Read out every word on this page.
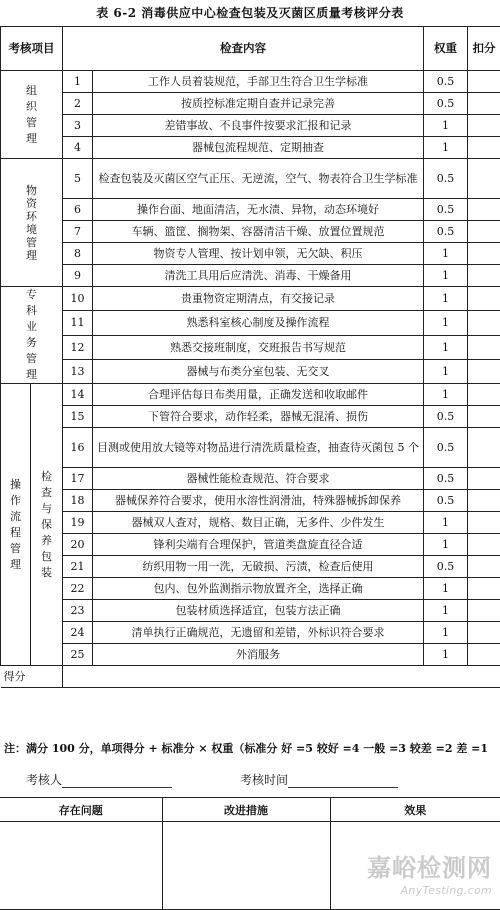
表 6-2 消毒供应中心检查包装及灭菌区质量考核评分表
考核项目		检查内容		权重	扣分
组织管理		1	工作人员着装规范，手部卫生符合卫生学标准	0.5	
		2	按质控标准定期自查并记录完善	0.5	
		3	差错事故、不良事件按要求汇报和记录	1	
		4	器械包流程规范、定期抽查	1	
物资环境管理		5	检查包装及灭菌区空气正压、无逆流，空气、物表符合卫生学标准	0.5	
		6	操作台面、地面清洁，无水渍、异物，动态环境好	0.5	
		7	车辆、篮筐、搁物架、容器清洁干燥、放置位置规范	0.5	
		8	物资专人管理、按计划申领，无欠缺、积压	1	
		9	清洗工具用后应清洗、消毒、干燥备用	1	
专科业务管理		10	贵重物资定期清点，有交接记录	1	
		11	熟悉科室核心制度及操作流程	1	
		12	熟悉交接班制度，交班报告书写规范	1	
		13	器械与布类分室包装、无交叉	1	
操作流程管理	检查与保养包装	14	合理评估每日布类用量，正确发送和收取邮件	1	
		15	下管符合要求，动作轻柔，器械无混淆、损伤	0.5	
		16	目测或使用放大镜等对物品进行清洗质量检查，抽查待灭菌包 5 个	0.5	
		17	器械性能检查规范、符合要求	0.5	
		18	器械保养符合要求，使用水溶性润滑油，特殊器械拆卸保养	0.5	
		19	器械双人查对，规格、数目正确，无多件、少件发生	1	
		20	锋利尖端有合理保护，管道类盘旋直径合适	1	
		21	纺织用物一用一洗，无破损、污渍，检查后使用	0.5	
		22	包内、包外监测指示物放置齐全，选择正确	1	
		23	包装材质选择适宜，包装方法正确	1	
		24	清单执行正确规范，无遗留和差错，外标识符合要求	1	
		25	外消服务	1	
得分					
注：满分 100 分，单项得分 + 标准分 × 权重（标准分 好 =5 较好 =4 一般 =3 较差 =2 差 =1
考核人	考核时间
存在问题	改进措施	效果

嘉峪检测网
AnyTesting.com
